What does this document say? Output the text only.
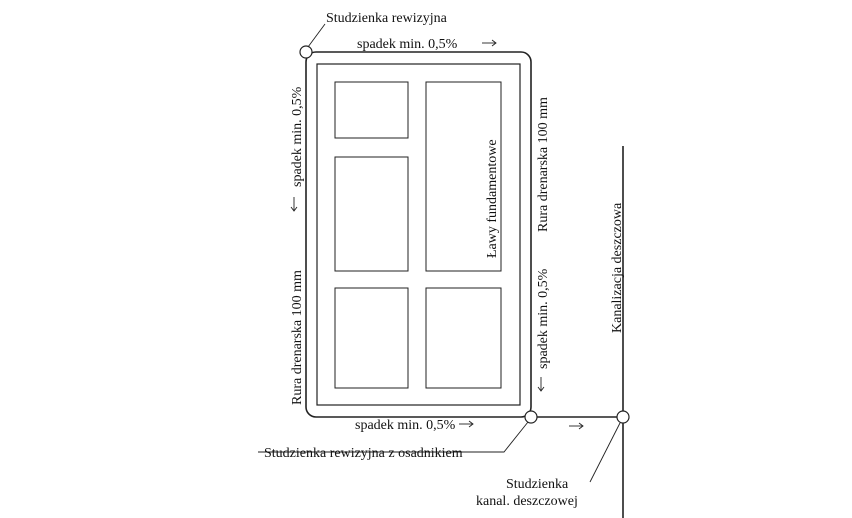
Studzienka rewizyjna
spadek min. 0,5%
spadek min. 0,5%
Studzienka rewizyjna z osadnikiem
Studzienka
kanal. deszczowej
spadek min. 0,5%
Rura drenarska 100 mm
Ławy fundamentowe	Rura drenarska 100 mm
spadek min. 0,5%	Kanalizacja deszczowa
